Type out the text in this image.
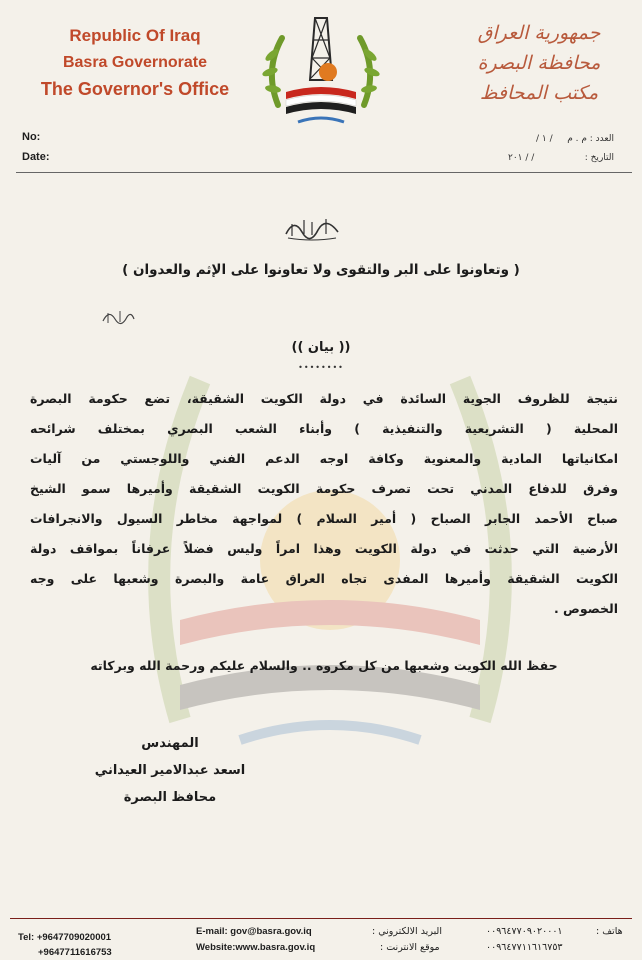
Republic Of Iraq
Basra Governorate
The Governor's Office
جمهورية العراق
محافظة البصرة
مكتب المحافظ
No:
Date:
العدد : م . م
التاريخ :
/ ١ /
/ / ٢٠١
( وتعاونوا على البر والتقوى ولا تعاونوا على الإثم والعدوان )
(( بيان ))
••••••••
نتيجة للظروف الجوية السائدة في دولة الكويت الشقيقة، تضع حكومة البصرة
المحلية ( التشريعية والتنفيذية ) وأبناء الشعب البصري بمختلف شرائحه
امكانياتها المادية والمعنوية وكافة اوجه الدعم الفني واللوجستي من آليات
وفرق للدفاع المدني تحت تصرف حكومة الكويت الشقيقة وأميرها سمو الشيخ
صباح الأحمد الجابر الصباح ( أمير السلام ) لمواجهة مخاطر السيول والانجرافات
الأرضية التي حدثت في دولة الكويت وهذا امراً وليس فضلاً عرفاناً بمواقف دولة
الكويت الشقيقة وأميرها المفدى تجاه العراق عامة والبصرة وشعبها على وجه
الخصوص .
حفظ الله الكويت وشعبها من كل مكروه .. والسلام عليكم ورحمة الله وبركاته
المهندس
اسعد عبدالامير العيداني
محافظ البصرة
Tel: +9647709020001
+9647711616753
E-mail: gov@basra.gov.iq
Website:www.basra.gov.iq
البريد الالكتروني :
موقع الانترنت :
٠٠٩٦٤٧٧٠٩٠٢٠٠٠١
٠٠٩٦٤٧٧١١٦١٦٧٥٣
هاتف :
